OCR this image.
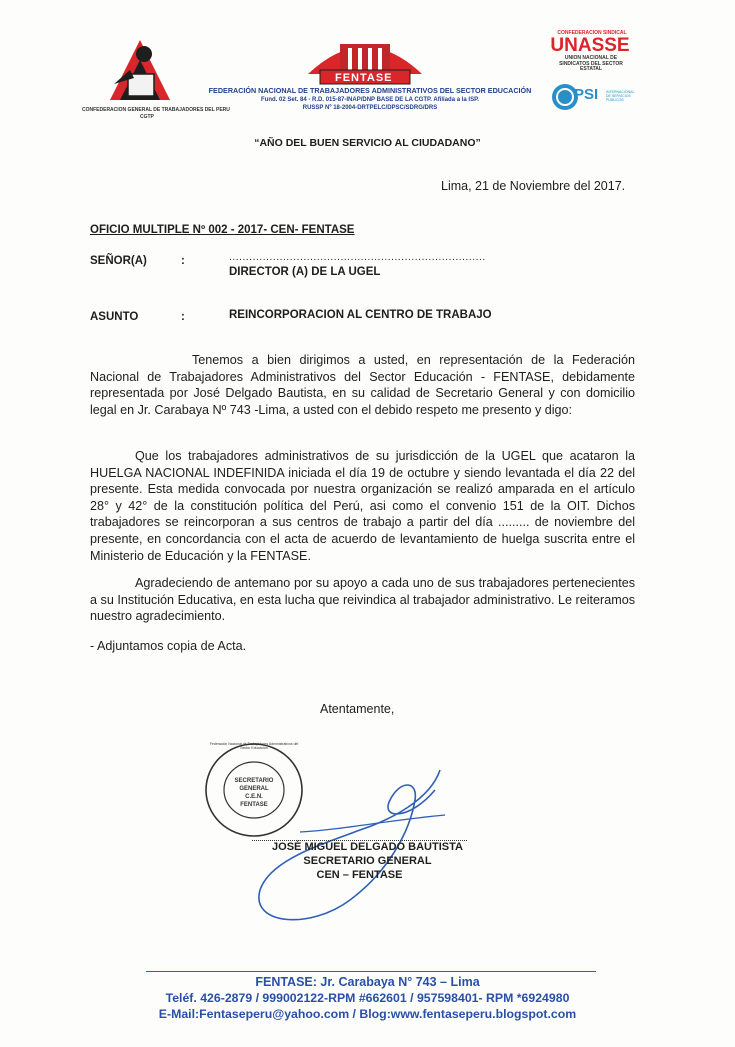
CONFEDERACION GENERAL DE TRABAJADORES DEL PERU
CGTP
FENTASE
FEDERACIÓN NACIONAL DE TRABAJADORES ADMINISTRATIVOS DEL SECTOR EDUCACIÓN
Fund. 02 Set. 84 - R.D. 015-87-INAP/DNP BASE DE LA CGTP. Afiliada a la ISP.
RUSSP Nº 18-2004-DRTPELC/DPSC/SDRG/DRS
CONFEDERACION SINDICAL
UNASSE
UNION NACIONAL DE SINDICATOS DEL SECTOR ESTATAL
PSI INTERNACIONAL DE SERVICIOS PÚBLICOS
“AÑO DEL BUEN SERVICIO AL CIUDADANO”
Lima, 21 de Noviembre del 2017.
OFICIO MULTIPLE Nº 002 - 2017- CEN- FENTASE
SEÑOR(A)	:	............................................................................
DIRECTOR (A) DE LA UGEL
ASUNTO	:	REINCORPORACION AL CENTRO DE TRABAJO
Tenemos a bien dirigimos a usted, en representación de la Federación Nacional de Trabajadores Administrativos del Sector Educación - FENTASE, debidamente representada por José Delgado Bautista, en su calidad de Secretario General y con domicilio legal en Jr. Carabaya Nº 743 -Lima, a usted con el debido respeto me presento y digo:
Que los trabajadores administrativos de su jurisdicción de la UGEL que acataron la HUELGA NACIONAL INDEFINIDA iniciada el día 19 de octubre y siendo levantada el día 22 del presente. Esta medida convocada por nuestra organización se realizó amparada en el artículo 28° y 42° de la constitución política del Perú, asi como el convenio 151 de la OIT. Dichos trabajadores se reincorporan a sus centros de trabajo a partir del día ......... de noviembre del presente, en concordancia con el acta de acuerdo de levantamiento de huelga suscrita entre el Ministerio de Educación y la FENTASE.
Agradeciendo de antemano por su apoyo a cada uno de sus trabajadores pertenecientes a su Institución Educativa, en esta lucha que reivindica al trabajador administrativo. Le reiteramos nuestro agradecimiento.
- Adjuntamos copia de Acta.
Atentamente,
Federación Nacional de Trabajadores Administrativos del Sector Educación
SECRETARIO
GENERAL
C.E.N.
FENTASE
JOSÉ MIGUEL DELGADO BAUTISTA
SECRETARIO GENERAL
CEN – FENTASE
FENTASE: Jr. Carabaya N° 743 – Lima
Teléf. 426-2879 / 999002122-RPM #662601 / 957598401- RPM *6924980
E-Mail:Fentaseperu@yahoo.com / Blog:www.fentaseperu.blogspot.com
